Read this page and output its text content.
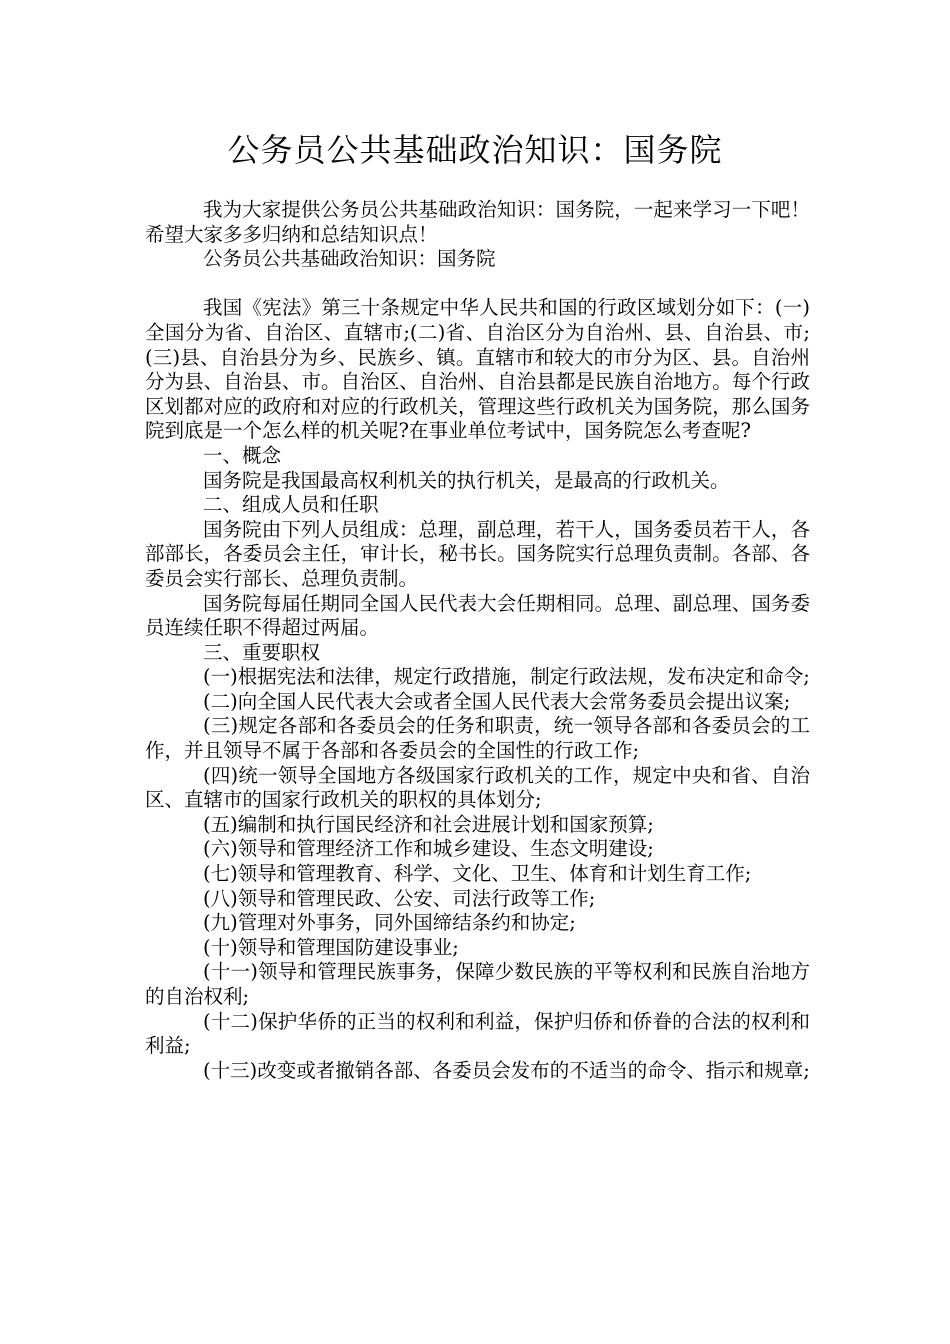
公务员公共基础政治知识：国务院

我为大家提供公务员公共基础政治知识：国务院，一起来学习一下吧！希望大家多多归纳和总结知识点！

公务员公共基础政治知识：国务院

我国《宪法》第三十条规定中华人民共和国的行政区域划分如下：(一)全国分为省、自治区、直辖市;(二)省、自治区分为自治州、县、自治县、市;(三)县、自治县分为乡、民族乡、镇。直辖市和较大的市分为区、县。自治州分为县、自治县、市。自治区、自治州、自治县都是民族自治地方。每个行政区划都对应的政府和对应的行政机关，管理这些行政机关为国务院，那么国务院到底是一个怎么样的机关呢?在事业单位考试中，国务院怎么考查呢?

一、概念

国务院是我国最高权利机关的执行机关，是最高的行政机关。

二、组成人员和任职

国务院由下列人员组成：总理，副总理，若干人，国务委员若干人，各部部长，各委员会主任，审计长，秘书长。国务院实行总理负责制。各部、各委员会实行部长、总理负责制。

国务院每届任期同全国人民代表大会任期相同。总理、副总理、国务委员连续任职不得超过两届。

三、重要职权

(一)根据宪法和法律，规定行政措施，制定行政法规，发布决定和命令;

(二)向全国人民代表大会或者全国人民代表大会常务委员会提出议案;

(三)规定各部和各委员会的任务和职责，统一领导各部和各委员会的工作，并且领导不属于各部和各委员会的全国性的行政工作;

(四)统一领导全国地方各级国家行政机关的工作，规定中央和省、自治区、直辖市的国家行政机关的职权的具体划分;

(五)编制和执行国民经济和社会进展计划和国家预算;

(六)领导和管理经济工作和城乡建设、生态文明建设;

(七)领导和管理教育、科学、文化、卫生、体育和计划生育工作;

(八)领导和管理民政、公安、司法行政等工作;

(九)管理对外事务，同外国缔结条约和协定;

(十)领导和管理国防建设事业;

(十一)领导和管理民族事务，保障少数民族的平等权利和民族自治地方的自治权利;

(十二)保护华侨的正当的权利和利益，保护归侨和侨眷的合法的权利和利益;

(十三)改变或者撤销各部、各委员会发布的不适当的命令、指示和规章;
